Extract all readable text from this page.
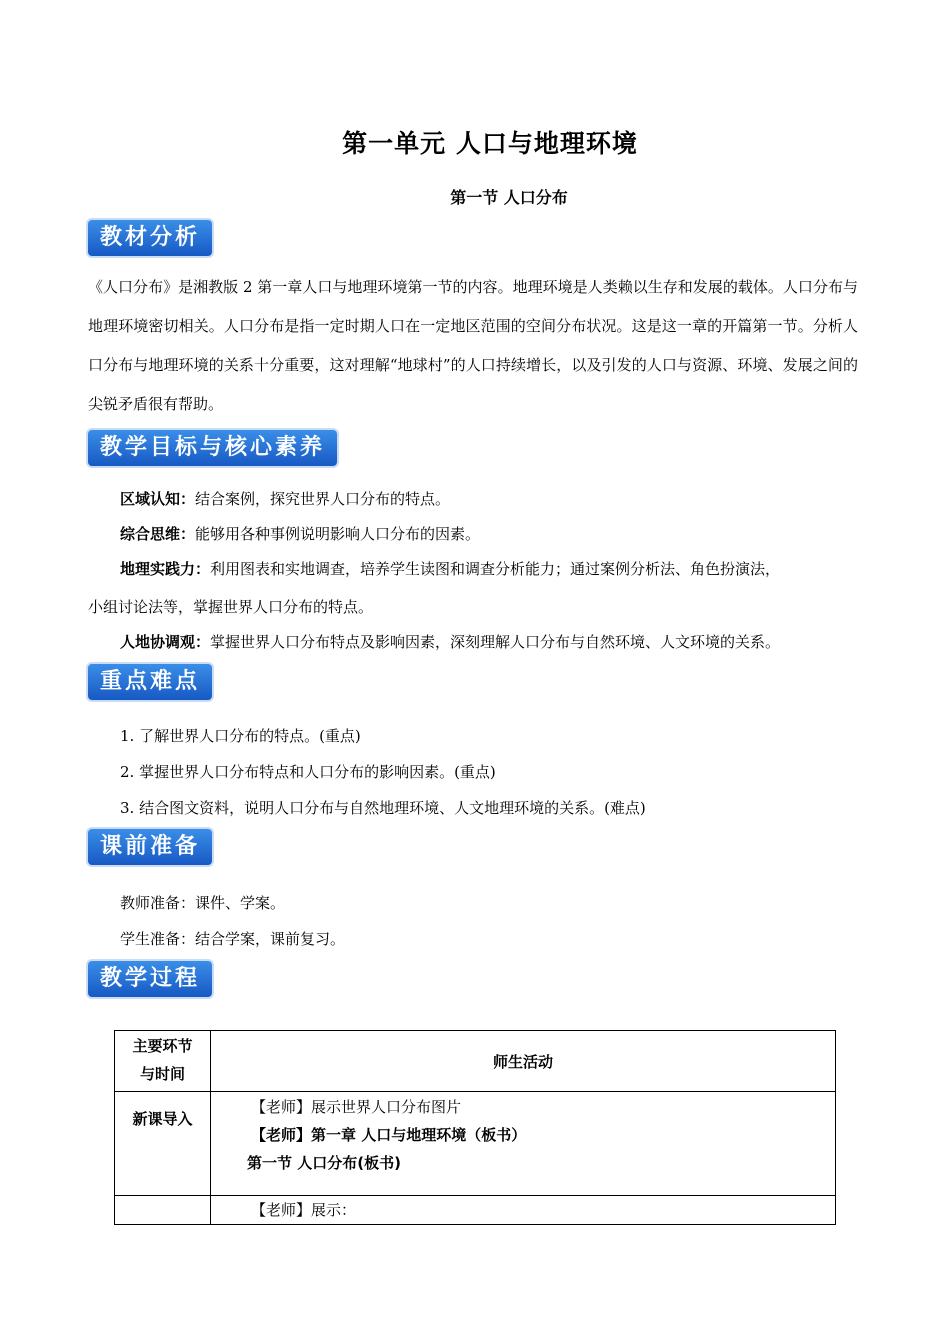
第一单元 人口与地理环境
第一节 人口分布
教材分析
《人口分布》是湘教版 2 第一章人口与地理环境第一节的内容。地理环境是人类赖以生存和发展的载体。人口分布与地理环境密切相关。人口分布是指一定时期人口在一定地区范围的空间分布状况。这是这一章的开篇第一节。分析人口分布与地理环境的关系十分重要，这对理解“地球村”的人口持续增长，以及引发的人口与资源、环境、发展之间的尖锐矛盾很有帮助。
教学目标与核心素养
区域认知：结合案例，探究世界人口分布的特点。
综合思维：能够用各种事例说明影响人口分布的因素。
地理实践力：利用图表和实地调查，培养学生读图和调查分析能力；通过案例分析法、角色扮演法，
小组讨论法等，掌握世界人口分布的特点。
人地协调观：掌握世界人口分布特点及影响因素，深刻理解人口分布与自然环境、人文环境的关系。
重点难点
1. 了解世界人口分布的特点。(重点)
2. 掌握世界人口分布特点和人口分布的影响因素。(重点)
3. 结合图文资料，说明人口分布与自然地理环境、人文地理环境的关系。(难点)
课前准备
教师准备：课件、学案。
学生准备：结合学案，课前复习。
教学过程
主要环节
与时间	师生活动
新课导入	【老师】展示世界人口分布图片
【老师】第一章 人口与地理环境（板书）
第一节 人口分布(板书)

	【老师】展示：
